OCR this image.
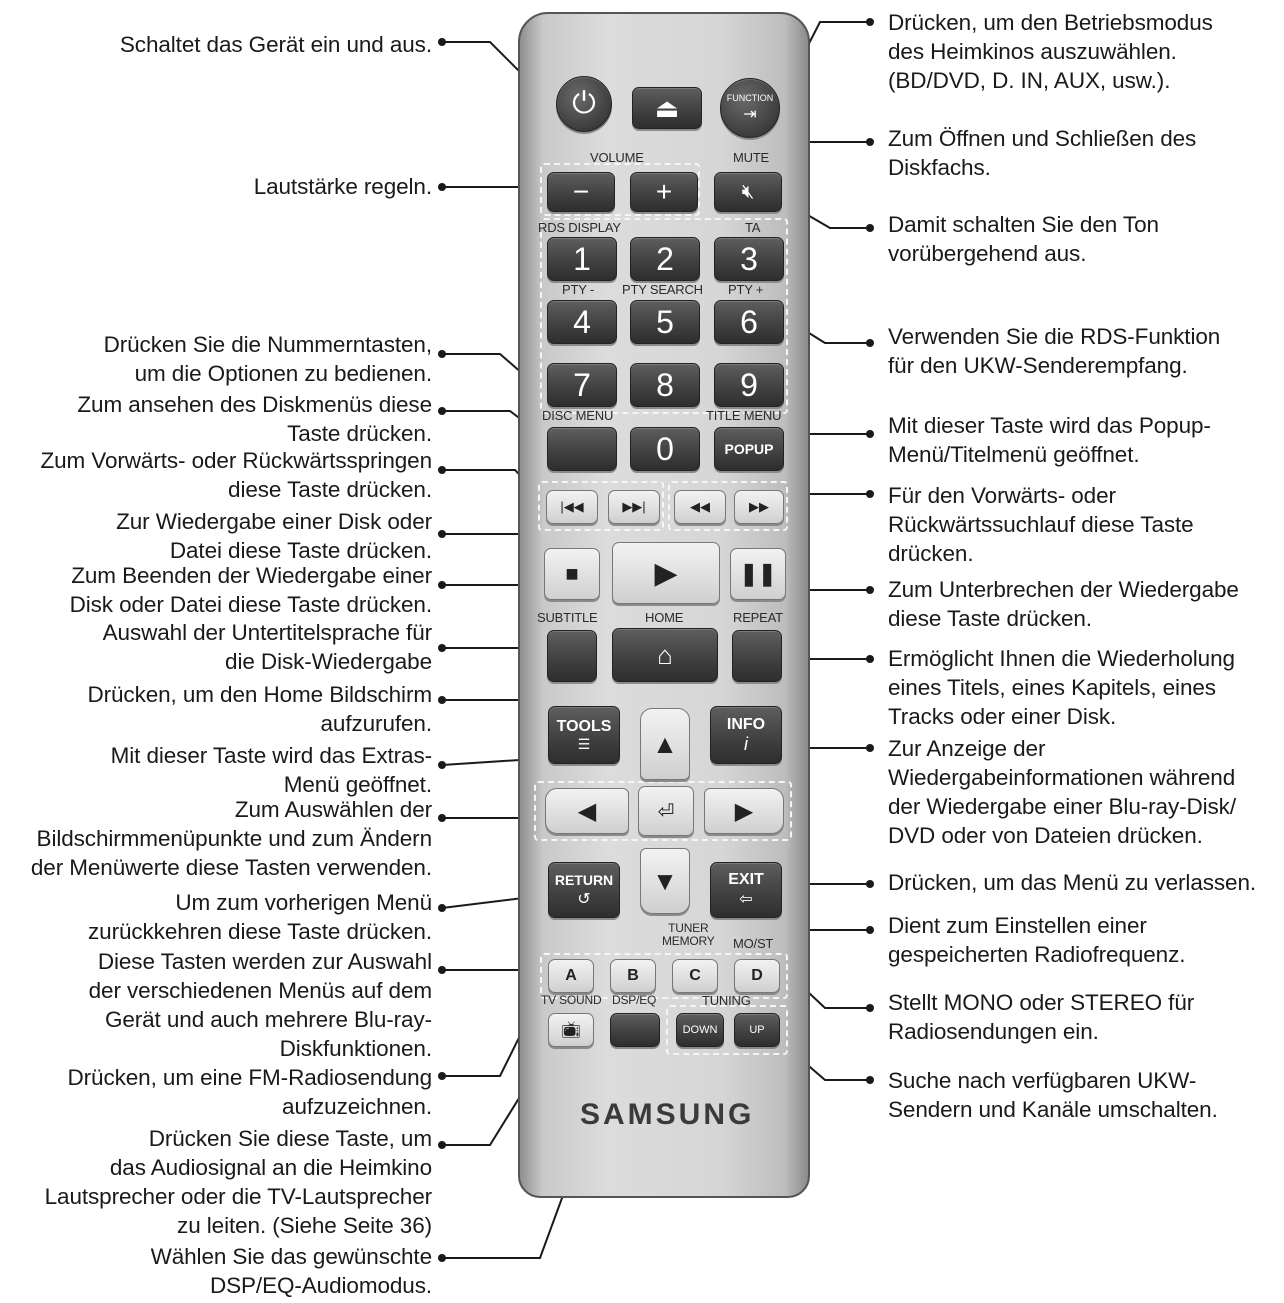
⏻ ⏏	FUNCTION
⇥
VOLUME	MUTE
− +	🔇︎
RDS DISPLAY	TA
PTY - PTY SEARCH PTY +
1 2 3
4 5 6
7 8 9
DISC MENU	TITLE MENU
0	POPUP
|◀◀	▶▶|	◀◀	▶▶
■	▶	❚❚
SUBTITLE	HOME	REPEAT
⌂
TOOLS
☰
INFO
i
▲
◀	⏎	▶
▼
RETURN
↺
EXIT
⇦
TUNER
MEMORY MO/ST
A	B	C	D
TV SOUND DSP/EQ	TUNING
📺︎	DOWN	UP
SAMSUNG
Schaltet das Gerät ein und aus.
Lautstärke regeln.
Drücken Sie die Nummerntasten,
um die Optionen zu bedienen.
Zum ansehen des Diskmenüs diese
Taste drücken.
Zum Vorwärts- oder Rückwärtsspringen
diese Taste drücken.
Zur Wiedergabe einer Disk oder
Datei diese Taste drücken.
Zum Beenden der Wiedergabe einer
Disk oder Datei diese Taste drücken.
Auswahl der Untertitelsprache für
die Disk-Wiedergabe
Drücken, um den Home Bildschirm
aufzurufen.
Mit dieser Taste wird das Extras-
Menü geöffnet.
Zum Auswählen der
Bildschirmmenüpunkte und zum Ändern
der Menüwerte diese Tasten verwenden.
Um zum vorherigen Menü
zurückkehren diese Taste drücken.
Diese Tasten werden zur Auswahl
der verschiedenen Menüs auf dem
Gerät und auch mehrere Blu-ray-
Diskfunktionen.
Drücken, um eine FM-Radiosendung
aufzuzeichnen.
Drücken Sie diese Taste, um
das Audiosignal an die Heimkino
Lautsprecher oder die TV-Lautsprecher
zu leiten. (Siehe Seite 36)
Wählen Sie das gewünschte
DSP/EQ-Audiomodus.
Drücken, um den Betriebsmodus
des Heimkinos auszuwählen.
(BD/DVD, D. IN, AUX, usw.).
Zum Öffnen und Schließen des
Diskfachs.
Damit schalten Sie den Ton
vorübergehend aus.
Verwenden Sie die RDS-Funktion
für den UKW-Senderempfang.
Mit dieser Taste wird das Popup-
Menü/Titelmenü geöffnet.
Für den Vorwärts- oder
Rückwärtssuchlauf diese Taste
drücken.
Zum Unterbrechen der Wiedergabe
diese Taste drücken.
Ermöglicht Ihnen die Wiederholung
eines Titels, eines Kapitels, eines
Tracks oder einer Disk.
Zur Anzeige der
Wiedergabeinformationen während
der Wiedergabe einer Blu-ray-Disk/
DVD oder von Dateien drücken.
Drücken, um das Menü zu verlassen.
Dient zum Einstellen einer
gespeicherten Radiofrequenz.
Stellt MONO oder STEREO für
Radiosendungen ein.
Suche nach verfügbaren UKW-
Sendern und Kanäle umschalten.
